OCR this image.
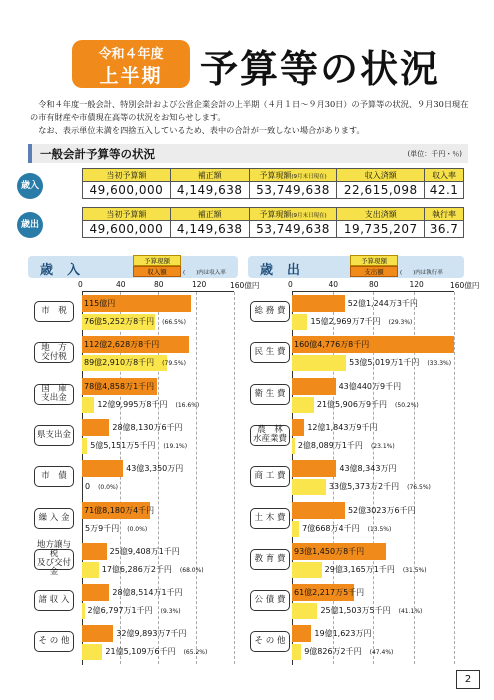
令和４年度
上半期 予算等の状況

令和４年度一般会計、特別会計および公営企業会計の上半期（４月１日～９月30日）の予算等の状況、９月30日現在の市有財産や市債現在高等の状況をお知らせします。

なお、表示単位未満を四捨五入しているため、表中の合計が一致しない場合があります。

一般会計予算等の状況	(単位：千円・％)
歳入
当初予算額	補正額	予算現額(9月末日現在)	収入済額	収入率
49,600,000	4,149,638	53,749,638	22,615,098	42.1
歳出
当初予算額	補正額	予算現額(9月末日現在)	支出済額	執行率
49,600,000	4,149,638	53,749,638	19,735,207	36.7
歳入
予算現額
収入額	(　　)内は収入率	歳出
予算現額
支出額	(　　)内は執行率
0	40	80	120	160億円
市　税
115億円
76億5,252万8千円　(66.5%)
地　方
交付税
112億2,628万8千円
89億2,910万8千円　(79.5%)
国　庫
支出金
78億4,858万1千円
12億9,995万8千円　(16.6%)
県支出金
28億8,130万6千円
5億5,151万5千円　(19.1%)
市　債
43億3,350万円
0　(0.0%)
繰 入 金
71億8,180万4千円
5万9千円　(0.0%)
地方譲与税
及び交付金
25億9,408万1千円
17億6,286万2千円　(68.0%)
諸 収 入
28億8,514万1千円
2億6,797万1千円　(9.3%)
そ の 他
32億9,893万7千円
21億5,109万6千円　(65.2%)
0	40	80	120	160億円
総 務 費
52億1,244万3千円
15億2,969万7千円　(29.3%)
民 生 費
160億4,776万8千円
53億5,019万1千円　(33.3%)
衛 生 費
43億440万9千円
21億5,906万9千円　(50.2%)
農　林
水産業費
12億1,843万9千円
2億8,089万1千円　(23.1%)
商 工 費
43億8,343万円
33億5,373万2千円　(76.5%)
土 木 費
52億3023万6千円
7億668万4千円　(13.5%)
教 育 費
93億1,450万8千円
29億3,165万1千円　(31.5%)
公 債 費
61億2,217万5千円
25億1,503万5千円　(41.1%)
そ の 他
19億1,623万円
9億826万2千円　(47.4%)
2
